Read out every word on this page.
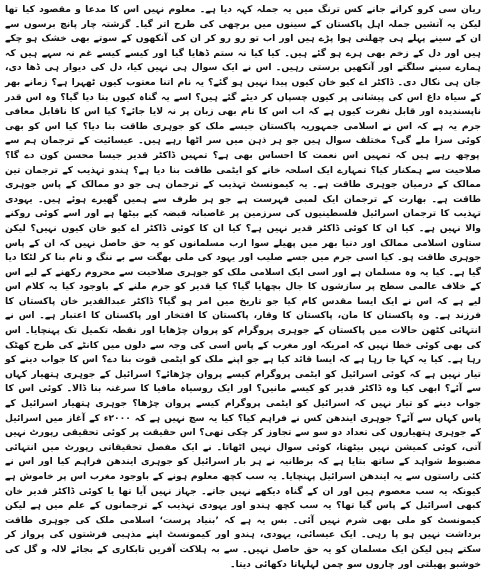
ریان سی کرو کرانے جانے کس ترنگ میں یہ جملہ کہہ دیا ہے۔ معلوم نہیں اس کا مدعا و مقصود کیا تھا لیکن یہ آتشیں جملہ اہل پاکستان کے سینوں میں برچھی کی طرح اتر گیا۔ گزشتہ چار پانچ برسوں سے ان کے سینے پہلے ہی چھلنی ہوا پڑے ہیں اور اب تو رو رو کر ان کی آنکھوں کے سوتے بھی خشک ہو چکے ہیں اور دل کے زخم بھی ہرے ہو گئے ہیں۔ کیا کیا نہ ستم ڈھایا گیا اور کیسے کیسے غم نہ سہے ہیں کہ ہمارے سینے سلگتے اور آنکھیں برستی رہیں۔ اس نے ایک سوال ہی نہیں کیا، دل کی دیوار ہی ڈھا دی، جان ہی نکال دی۔ ڈاکٹر اے کیو خان کیوں پیدا نہیں ہو گئے؟ یہ نام اتنا معتوب کیوں ٹھہرا ہے؟ زمانے بھر کے سیاہ داغ اس کی پیشانی پر کیوں چسپاں کر دیئے گئے ہیں؟ اسے یہ گناہ کیوں بنا دیا گیا؟ وہ اس قدر ناپسندیدہ اور قابل نفرت کیوں ہے کہ اب اس کا نام بھی زبان پر نہ لایا جائے؟ کیا اس کا ناقابل معافی جرم یہ ہے کہ اس نے اسلامی جمہوریہ پاکستان جیسے ملک کو جوہری طاقت بنا دیا؟ کیا اس کو بھی کوئی سزا ملے گی؟ مختلف سوال ہیں جو ہر ذہن میں سر اٹھا رہے ہیں۔ عیسائیت کے ترجمان ہم سے پوچھ رہے ہیں کہ تمہیں اس نعمت کا احساس بھی ہے؟ تمہیں ڈاکٹر قدیر جیسا محسن کون دے گا؟ صلاحیت سے ہمکنار کیا؟ تمہارے ایک اسلحہ خانے کو ایٹمی طاقت بنا دیا ہے؟ ہندو تہذیب کے ترجمان تین ممالک کے درمیان جوہری طاقت ہے۔ یہ کیمونسٹ تہذیب کے ترجمان ہی جو دو ممالک کے پاس جوہری طاقت ہے۔ بھارت کے ترجمان ایک لمبی فہرست ہے جو ہر طرف سے ہمیں گھیرے ہوئے ہیں۔ یہودی تہذیب کا ترجمان اسرائیل فلسطینیوں کی سرزمین پر غاصبانہ قبضہ کیے بیٹھا ہے اور اسے کوئی روکنے والا نہیں ہے۔ کیا ان کا کوئی ڈاکٹر قدیر نہیں ہے؟ کیا ان کا کوئی ڈاکٹر اے کیو خان کیوں نہیں؟ لیکن ستاون اسلامی ممالک اور دنیا بھر میں پھیلے سوا ارب مسلمانوں کو یہ حق حاصل نہیں کہ ان کے پاس جوہری طاقت ہو۔ کیا اسی جرم میں جسے صلیب اور یہود کی ملی بھگت سے بے ننگ و نام بنا کر لٹکا دیا گیا ہے۔ کیا یہ وہ مسلمان ہے اور اسی ایک اسلامی ملک کو جوہری صلاحیت سے محروم رکھنے کے لیے اس کے خلاف عالمی سطح پر سازشوں کا جال بچھایا گیا؟ کیا قدیر کو جرم ملنے کے باوجود کیا یہ کلام اس لیے ہے کہ اس نے ایک ایسا مقدس کام کیا جو تاریخ میں امر ہو گیا؟ ڈاکٹر عبدالقدیر خان پاکستان کا فرزند ہے۔ وہ پاکستان کا مان، پاکستان کا وقار، پاکستان کا افتخار اور پاکستان کا اعتبار ہے۔ اس نے انتہائی کٹھن حالات میں پاکستان کے جوہری پروگرام کو پروان چڑھایا اور نقطہ تکمیل تک پہنچایا۔ اس کی بھی کوئی خطا نہیں کہ امریکہ اور مغرب کے پاس اسی کی وجہ سے دلوں میں کانٹے کی طرح کھٹک رہا ہے۔ کیا یہ کہا جا رہا ہے کہ ایسا قائد کیا ہے جو اپنے ملک کو ایٹمی قوت بنا دے؟ اس کا جواب دینے کو تیار نہیں ہے کہ کوئی اسرائیل کو ایٹمی پروگرام کیسے پروان چڑھائے؟ اسرائیل کے جوہری ہتھیار کہاں سے آئے؟ ابھی کیا وہ ڈاکٹر قدیر کو کیسے مانیں؟ اور ایک روسیاہ مافیا کا سرغنہ بنا ڈالا۔ کوئی اس کا جواب دینے کو تیار نہیں کہ اسرائیل کو ایٹمی پروگرام کیسے پروان چڑھا؟ جوہری ہتھیار اسرائیل کے پاس کہاں سے آئے؟ جوہری ایندھن کس نے فراہم کیا؟ کیا یہ سچ نہیں ہے کہ ۲۰۰۰ء کے آغاز میں اسرائیل کے جوہری ہتھیاروں کی تعداد دو سو سے تجاوز کر چکی تھی؟ اس حقیقت پر کوئی تحقیقی رپورٹ نہیں آتی، کوئی کمیشن نہیں بیٹھتا، کوئی سوال نہیں اٹھاتا۔ نے ایک مفصل تحقیقاتی رپورٹ میں انتہائی مضبوط شواہد کے ساتھ بتایا ہے کہ برطانیہ نے ہر بار اسرائیل کو جوہری ایندھن فراہم کیا اور اس نے کئی راستوں سے یہ ایندھن اسرائیل پہنچایا۔ یہ سب کچھ معلوم ہونے کے باوجود مغرب اس پر خاموش ہے کیونکہ یہ سب معصوم ہیں اور ان کے گناہ دیکھے نہیں جاتے۔ جہاز نہیں آیا تھا یا کوئی ڈاکٹر قدیر خان کبھی اسرائیل کے پاس گیا تھا؟ یہ سب کچھ ہندو اور یہودی تہذیب کے ترجمانوں کے علم میں ہے لیکن کیمونسٹ کو ملی بھی شرم نہیں آئی۔ بس یہ ہے کہ ’بنیاد پرست‘ اسلامی ملک کی جوہری طاقت برداشت نہیں ہو پا رہی۔ ایک عیسائی، یہودی، ہندو اور کیمونسٹ اپنے مذہبی فرشتوں کی پرواز کر سکتے ہیں لیکن ایک مسلمان کو یہ حق حاصل نہیں۔ سے بہ ہلاکت آفریں تابکاری کے بجائے لالہ و گل کی خوشبو پھیلتی اور چاروں سو چمن لہلہاتا دکھائی دیتا۔
